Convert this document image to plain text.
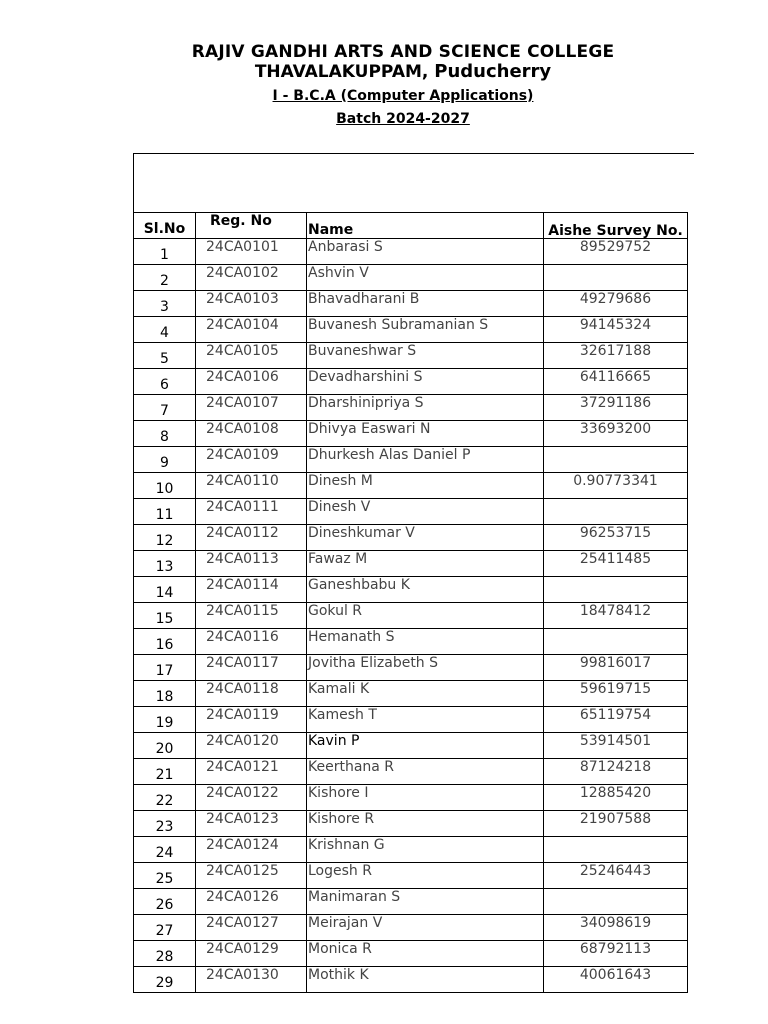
RAJIV GANDHI ARTS AND SCIENCE COLLEGE
THAVALAKUPPAM, Puducherry
I - B.C.A (Computer Applications)
Batch 2024-2027
Sl.No	Reg. No	Name	Aishe Survey No.

1	24CA0101	Anbarasi S	89529752
2	24CA0102	Ashvin V	
3	24CA0103	Bhavadharani B	49279686
4	24CA0104	Buvanesh Subramanian S	94145324
5	24CA0105	Buvaneshwar S	32617188
6	24CA0106	Devadharshini S	64116665
7	24CA0107	Dharshinipriya S	37291186
8	24CA0108	Dhivya Easwari N	33693200
9	24CA0109	Dhurkesh Alas Daniel P	
10	24CA0110	Dinesh M	0.90773341
11	24CA0111	Dinesh V	
12	24CA0112	Dineshkumar V	96253715
13	24CA0113	Fawaz M	25411485
14	24CA0114	Ganeshbabu K	
15	24CA0115	Gokul R	18478412
16	24CA0116	Hemanath S	
17	24CA0117	Jovitha Elizabeth S	99816017
18	24CA0118	Kamali K	59619715
19	24CA0119	Kamesh T	65119754
20	24CA0120	Kavin P	53914501
21	24CA0121	Keerthana R	87124218
22	24CA0122	Kishore I	12885420
23	24CA0123	Kishore R	21907588
24	24CA0124	Krishnan G	
25	24CA0125	Logesh R	25246443
26	24CA0126	Manimaran S	
27	24CA0127	Meirajan V	34098619
28	24CA0129	Monica R	68792113
29	24CA0130	Mothik K	40061643
